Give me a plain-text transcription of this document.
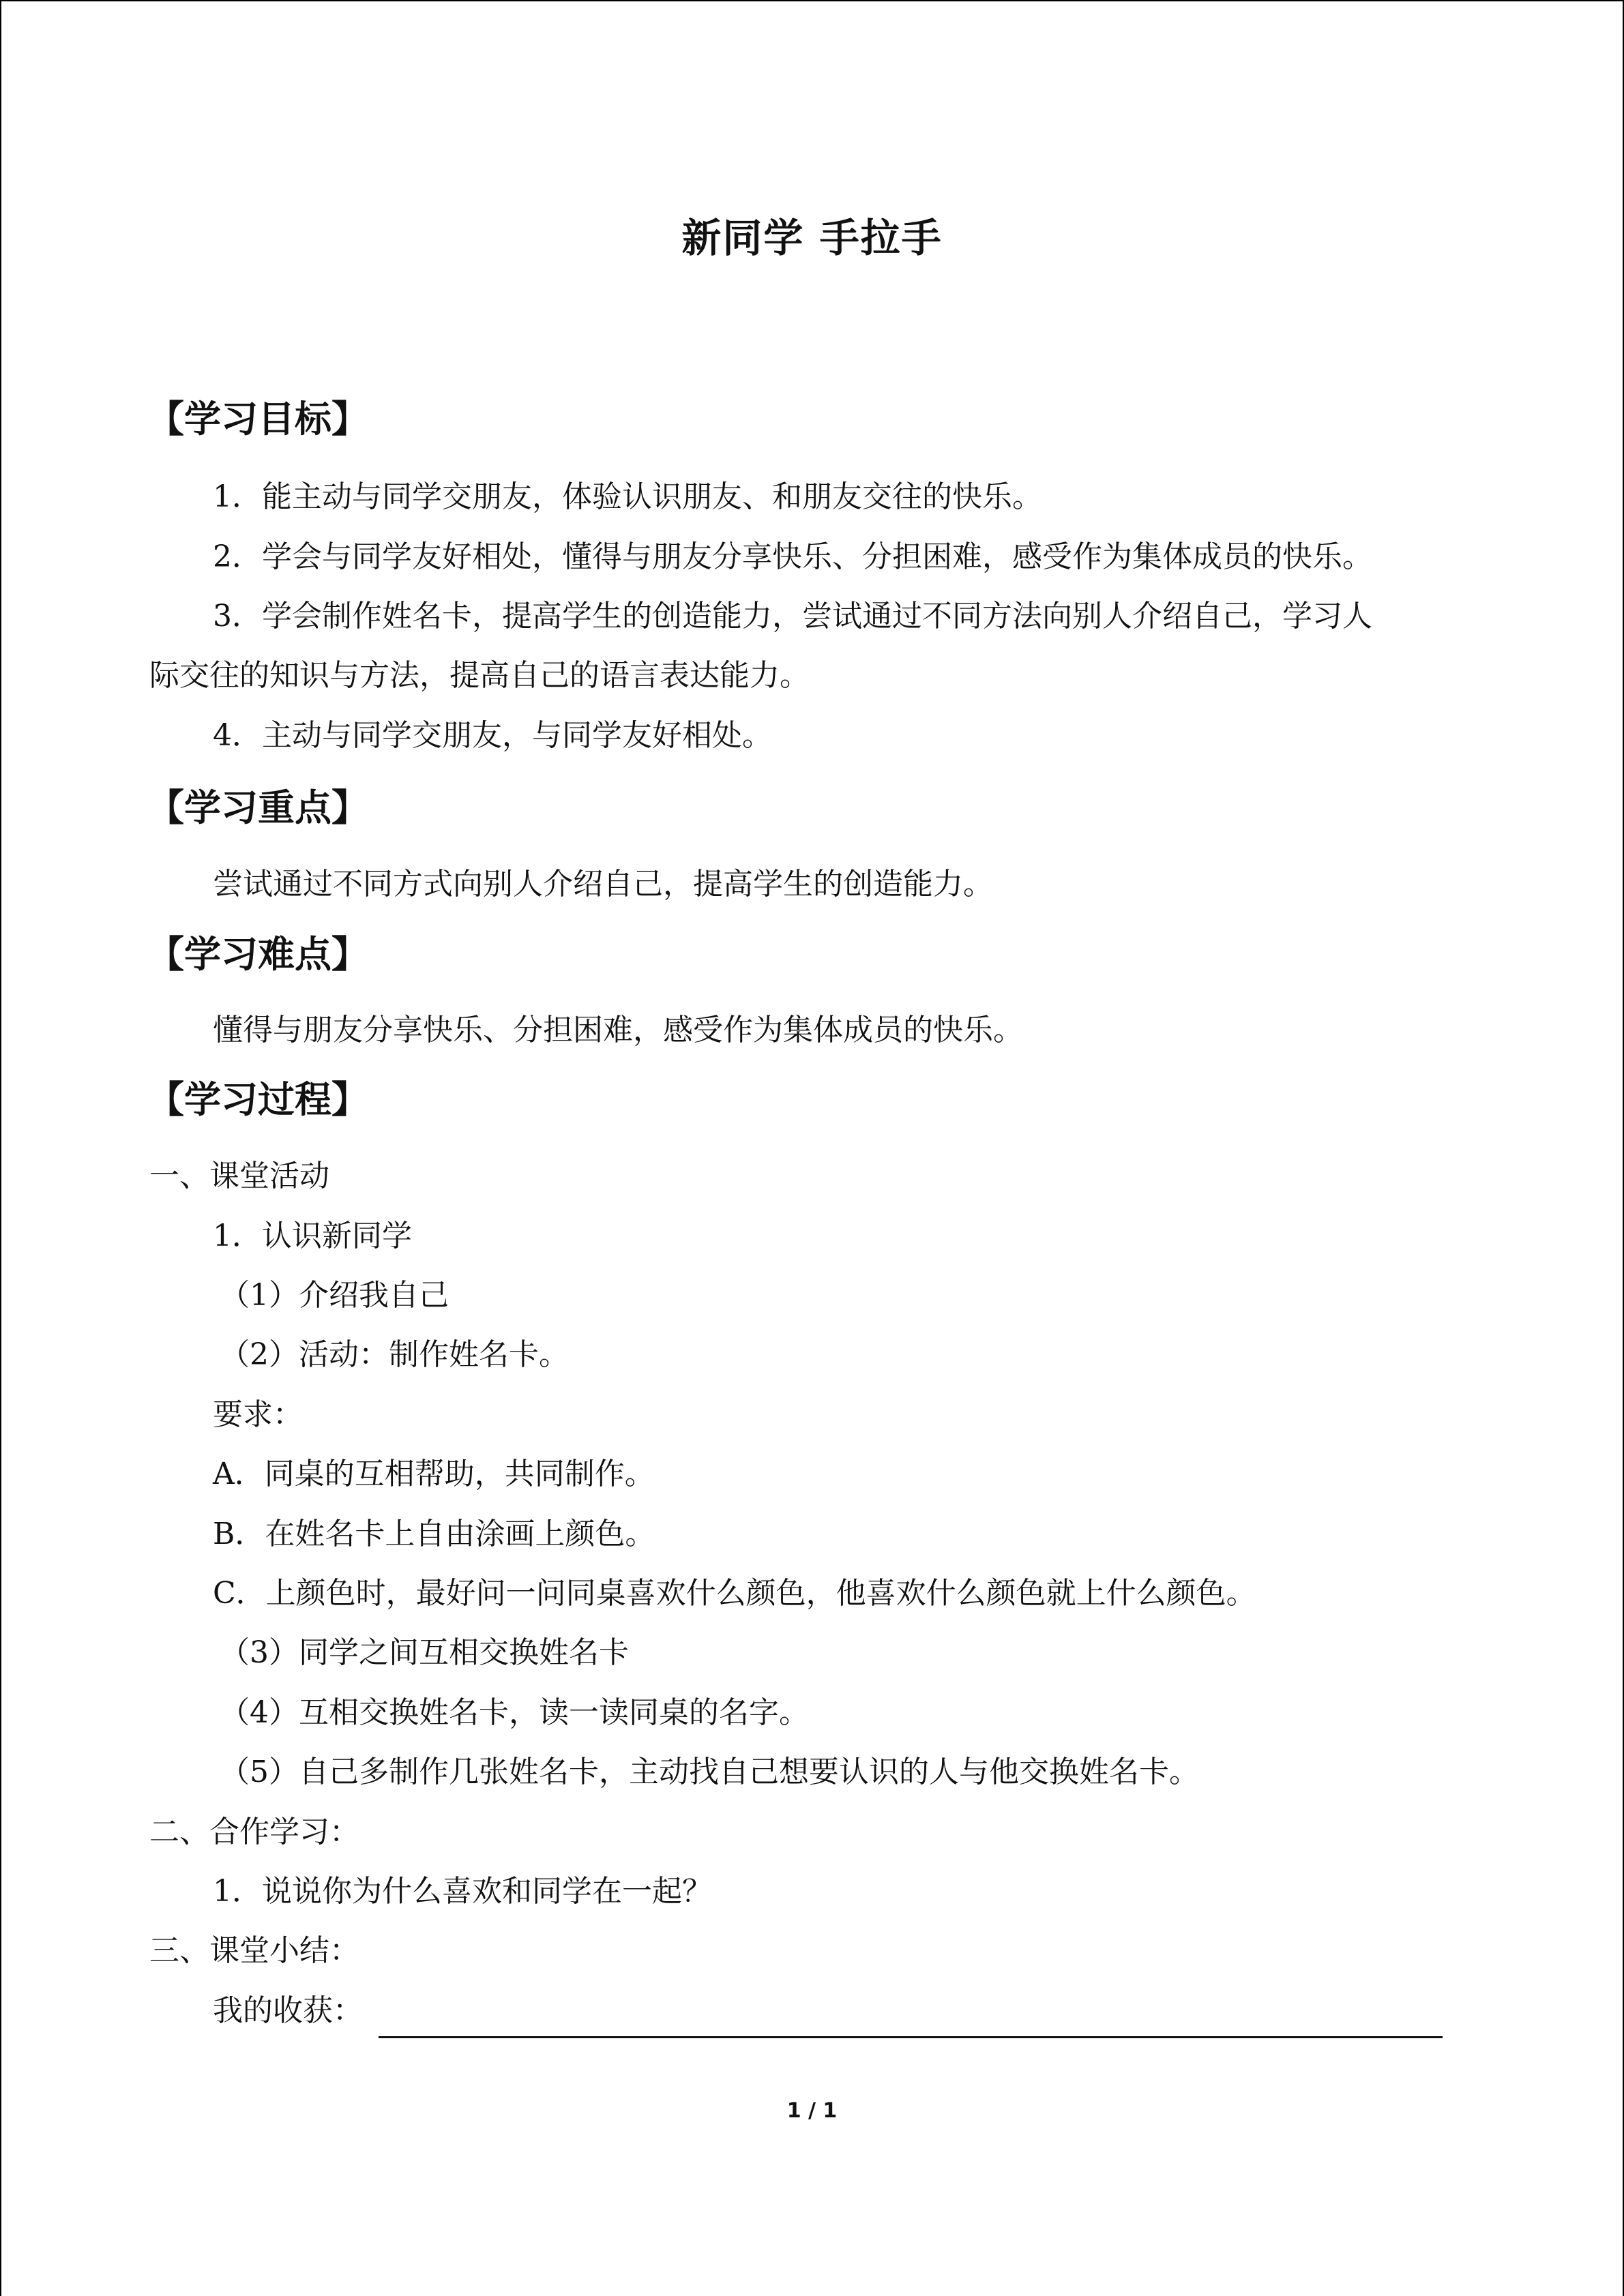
新同学 手拉手
【学习目标】
1．能主动与同学交朋友，体验认识朋友、和朋友交往的快乐。
2．学会与同学友好相处，懂得与朋友分享快乐、分担困难，感受作为集体成员的快乐。
3．学会制作姓名卡，提高学生的创造能力，尝试通过不同方法向别人介绍自己，学习人
际交往的知识与方法，提高自己的语言表达能力。
4．主动与同学交朋友，与同学友好相处。
【学习重点】
尝试通过不同方式向别人介绍自己，提高学生的创造能力。
【学习难点】
懂得与朋友分享快乐、分担困难，感受作为集体成员的快乐。
【学习过程】
一、课堂活动
1．认识新同学
（1）介绍我自己
（2）活动：制作姓名卡。
要求：
A．同桌的互相帮助，共同制作。
B．在姓名卡上自由涂画上颜色。
C．上颜色时，最好问一问同桌喜欢什么颜色，他喜欢什么颜色就上什么颜色。
（3）同学之间互相交换姓名卡
（4）互相交换姓名卡，读一读同桌的名字。
（5）自己多制作几张姓名卡，主动找自己想要认识的人与他交换姓名卡。
二、合作学习：
1．说说你为什么喜欢和同学在一起？
三、课堂小结：
我的收获：
1 / 1
